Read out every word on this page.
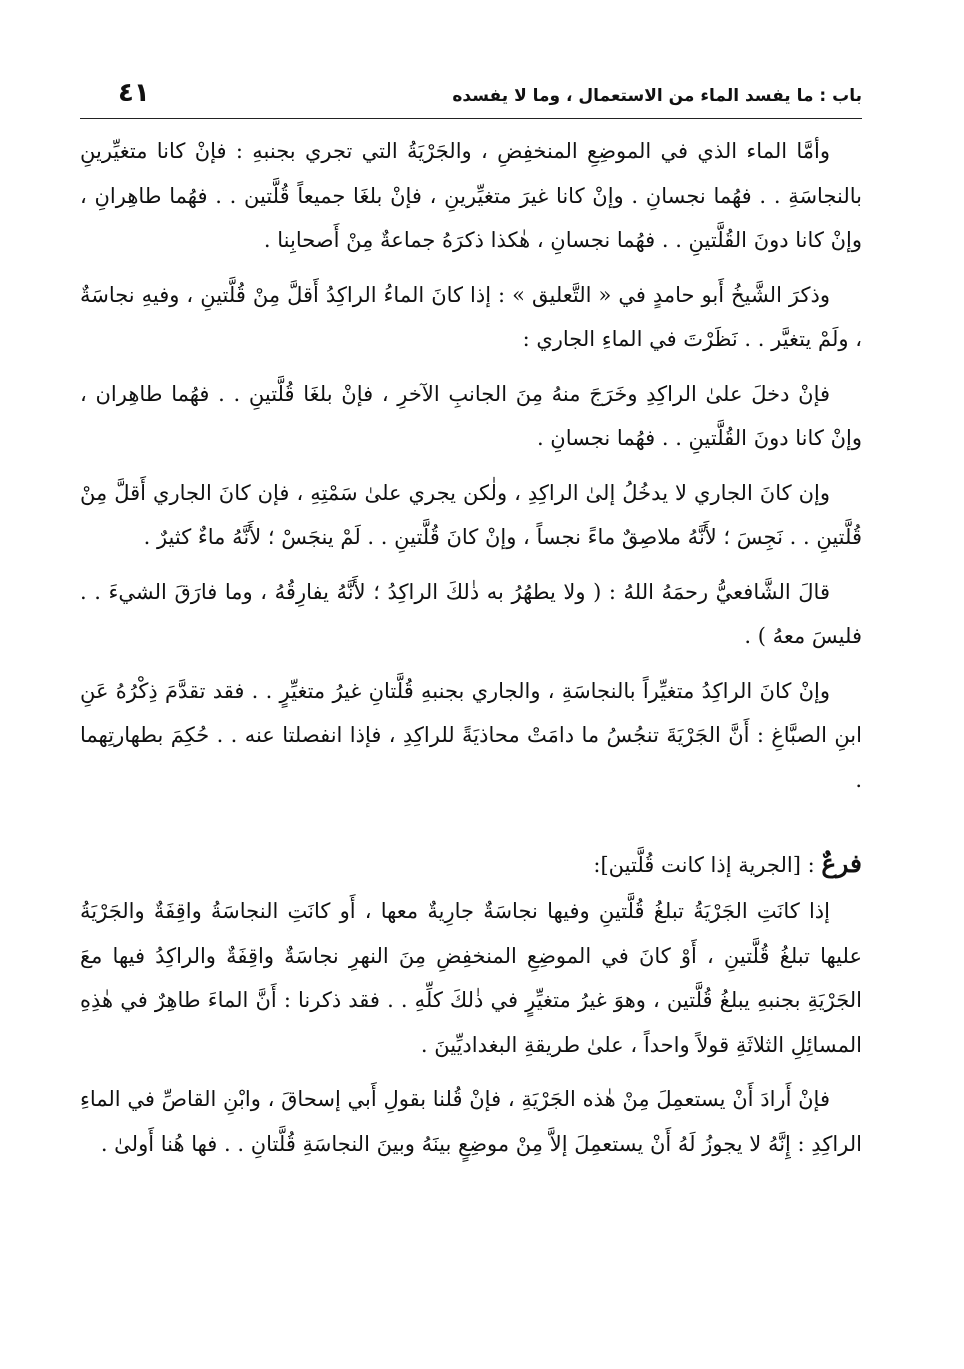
باب : ما يفسد الماء من الاستعمال ، وما لا يفسده
٤١

وأمَّا الماء الذي في الموضِعِ المنخفِضِ ، والجَرْيَةُ التي تجري بجنبهِ : فإنْ كانا متغيِّرينِ بالنجاسَةِ . . فهُما نجسانِ . وإنْ كانا غيرَ متغيِّرينِ ، فإنْ بلغَا جميعاً قُلَّتين . . فهُما طاهِرانِ ، وإنْ كانا دونَ القُلَّتينِ . . فهُما نجسانِ ، هٰكذا ذكرَهُ جماعةٌ مِنْ أَصحابِنا .

وذكرَ الشَّيخُ أَبو حامدٍ في « التَّعليق » : إذا كانَ الماءُ الراكِدُ أَقلَّ مِنْ قُلَّتينِ ، وفيهِ نجاسَةٌ ، ولَمْ يتغيَّر . . نَظَرْتَ في الماءِ الجاري :

فإنْ دخلَ علىٰ الراكِدِ وخَرَجَ منهُ مِنَ الجانبِ الآخرِ ، فإنْ بلغَا قُلَّتينِ . . فهُما طاهِران ، وإنْ كانا دونَ القُلَّتينِ . . فهُما نجسانِ .

وإن كانَ الجاري لا يدخُلُ إلىٰ الراكِدِ ، ولٰكن يجري علىٰ سَمْتِهِ ، فإن كانَ الجاري أَقلَّ مِنْ قُلَّتينِ . . نَجِسَ ؛ لأَنَّهُ ملاصِقٌ ماءً نجساً ، وإنْ كانَ قُلَّتينِ . . لَمْ ينجَسْ ؛ لأَنَّهُ ماءٌ كثيرٌ .

قالَ الشَّافعيُّ رحمَهُ اللهُ : ( ولا يطهُرُ به ذٰلكَ الراكِدُ ؛ لأَنَّهُ يفارِقُهُ ، وما فارَقَ الشيءَ . . فليسَ معهُ ) .

وإنْ كانَ الراكِدُ متغيِّراً بالنجاسَةِ ، والجاري بجنبهِ قُلَّتانِ غيرُ متغيِّرٍ . . فقد تقدَّمَ ذِكْرُهُ عَنِ ابنِ الصبَّاغِ : أَنَّ الجَرْيَةَ تنجُسُ ما دامَتْ محاذيَةً للراكِدِ ، فإذا انفصلتا عنه . . حُكِمَ بطهارتِهما .

فرعٌ : [الجرية إذا كانت قُلَّتين]:

إذا كانَتِ الجَرْيَةُ تبلغُ قُلَّتينِ وفيها نجاسَةٌ جارِيةٌ معها ، أَو كانَتِ النجاسَةُ واقِفَةٌ والجَرْيَةُ عليها تبلغُ قُلَّتينِ ، أَوْ كانَ في الموضِعِ المنخفِضِ مِنَ النهرِ نجاسَةٌ واقِفَةٌ والراكِدُ فيها معَ الجَرْيَةِ بجنبهِ يبلغُ قُلَّتين ، وهوَ غيرُ متغيِّرٍ في ذٰلكَ كلِّهِ . . فقد ذكرنا : أَنَّ الماءَ طاهِرٌ في هٰذِهِ المسائِلِ الثلاثَةِ قولاً واحداً ، علىٰ طريقةِ البغداديِّينَ .

فإنْ أَرادَ أَنْ يستعمِلَ مِنْ هٰذه الجَرْيَةِ ، فإنْ قُلنا بقولِ أَبي إسحاقَ ، وابْنِ القاصِّ في الماءِ الراكِدِ : إِنَّهُ لا يجوزُ لَهُ أَنْ يستعمِلَ إلاَّ مِنْ موضِعٍ بينَهُ وبينَ النجاسَةِ قُلَّتانِ . . فها هُنا أَولىٰ .
